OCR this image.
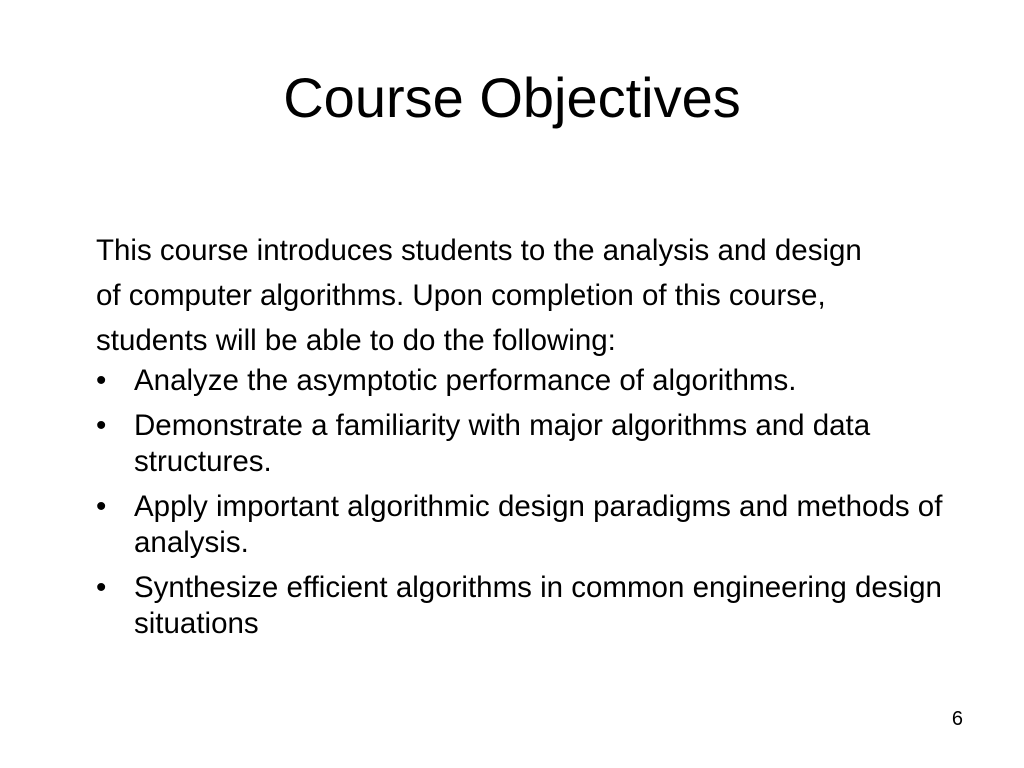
Course Objectives

This course introduces students to the analysis and design
of computer algorithms. Upon completion of this course,
students will be able to do the following:

• Analyze the asymptotic performance of algorithms.
• Demonstrate a familiarity with major algorithms and data structures.
• Apply important algorithmic design paradigms and methods of analysis.
• Synthesize efficient algorithms in common engineering design situations
6
